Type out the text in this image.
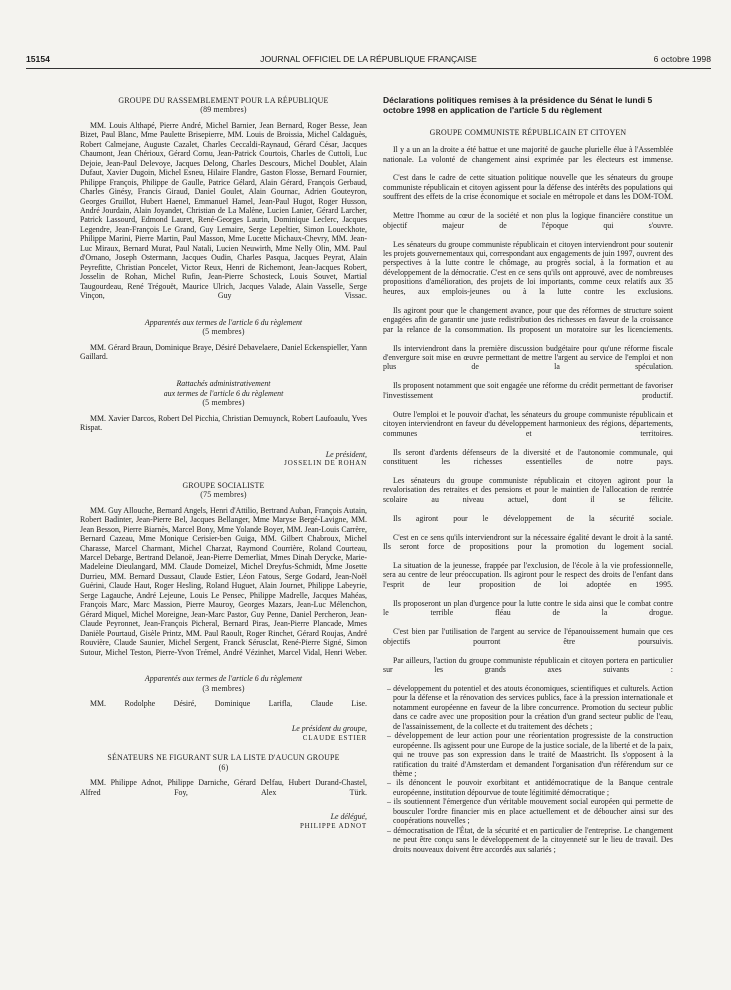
15154	JOURNAL OFFICIEL DE LA RÉPUBLIQUE FRANÇAISE	6 octobre 1998
GROUPE DU RASSEMBLEMENT POUR LA RÉPUBLIQUE
(89 membres)

MM. Louis Althapé, Pierre André, Michel Barnier, Jean Bernard, Roger Besse, Jean Bizet, Paul Blanc, Mme Paulette Brisepierre, MM. Louis de Broissia, Michel Caldaguès, Robert Calmejane, Auguste Cazalet, Charles Ceccaldi-Raynaud, Gérard César, Jacques Chaumont, Jean Chérioux, Gérard Cornu, Jean-Patrick Courtois, Charles de Cuttoli, Luc Dejoie, Jean-Paul Delevoye, Jacques Delong, Charles Descours, Michel Doublet, Alain Dufaut, Xavier Dugoin, Michel Esneu, Hilaire Flandre, Gaston Flosse, Bernard Fournier, Philippe François, Philippe de Gaulle, Patrice Gélard, Alain Gérard, François Gerbaud, Charles Ginésy, Francis Giraud, Daniel Goulet, Alain Gournac, Adrien Gouteyron, Georges Gruillot, Hubert Haenel, Emmanuel Hamel, Jean-Paul Hugot, Roger Husson, André Jourdain, Alain Joyandet, Christian de La Malène, Lucien Lanier, Gérard Larcher, Patrick Lassourd, Edmond Lauret, René-Georges Laurin, Dominique Leclerc, Jacques Legendre, Jean-François Le Grand, Guy Lemaire, Serge Lepeltier, Simon Loueckhote, Philippe Marini, Pierre Martin, Paul Masson, Mme Lucette Michaux-Chevry, MM. Jean-Luc Miraux, Bernard Murat, Paul Natali, Lucien Neuwirth, Mme Nelly Olin, MM. Paul d'Ornano, Joseph Ostermann, Jacques Oudin, Charles Pasqua, Jacques Peyrat, Alain Peyrefitte, Christian Poncelet, Victor Reux, Henri de Richemont, Jean-Jacques Robert, Josselin de Rohan, Michel Rufin, Jean-Pierre Schosteck, Louis Souvet, Martial Taugourdeau, René Trégouët, Maurice Ulrich, Jacques Valade, Alain Vasselle, Serge Vinçon, Guy Vissac.

Apparentés aux termes de l'article 6 du règlement
(5 membres)

MM. Gérard Braun, Dominique Braye, Désiré Debavelaere, Daniel Eckenspieller, Yann Gaillard.

Rattachés administrativement
aux termes de l'article 6 du règlement
(5 membres)

MM. Xavier Darcos, Robert Del Picchia, Christian Demuynck, Robert Laufoaulu, Yves Rispat.

Le président,

JOSSELIN DE ROHAN

GROUPE SOCIALISTE
(75 membres)

MM. Guy Allouche, Bernard Angels, Henri d'Attilio, Bertrand Auban, François Autain, Robert Badinter, Jean-Pierre Bel, Jacques Bellanger, Mme Maryse Bergé-Lavigne, MM. Jean Besson, Pierre Biarnès, Marcel Bony, Mme Yolande Boyer, MM. Jean-Louis Carrère, Bernard Cazeau, Mme Monique Cerisier-ben Guiga, MM. Gilbert Chabroux, Michel Charasse, Marcel Charmant, Michel Charzat, Raymond Courrière, Roland Courteau, Marcel Debarge, Bertrand Delanoë, Jean-Pierre Demerliat, Mmes Dinah Derycke, Marie-Madeleine Dieulangard, MM. Claude Domeizel, Michel Dreyfus-Schmidt, Mme Josette Durrieu, MM. Bernard Dussaut, Claude Estier, Léon Fatous, Serge Godard, Jean-Noël Guérini, Claude Haut, Roger Hesling, Roland Huguet, Alain Journet, Philippe Labeyrie, Serge Lagauche, André Lejeune, Louis Le Pensec, Philippe Madrelle, Jacques Mahéas, François Marc, Marc Massion, Pierre Mauroy, Georges Mazars, Jean-Luc Mélenchon, Gérard Miquel, Michel Moreigne, Jean-Marc Pastor, Guy Penne, Daniel Percheron, Jean-Claude Peyronnet, Jean-François Picheral, Bernard Piras, Jean-Pierre Plancade, Mmes Danièle Pourtaud, Gisèle Printz, MM. Paul Raoult, Roger Rinchet, Gérard Roujas, André Rouvière, Claude Saunier, Michel Sergent, Franck Sérusclat, René-Pierre Signé, Simon Sutour, Michel Teston, Pierre-Yvon Trémel, André Vézinhet, Marcel Vidal, Henri Weber.

Apparentés aux termes de l'article 6 du règlement
(3 membres)

MM. Rodolphe Désiré, Dominique Larifla, Claude Lise.

Le président du groupe,

CLAUDE ESTIER

SÉNATEURS NE FIGURANT SUR LA LISTE D'AUCUN GROUPE
(6)

MM. Philippe Adnot, Philippe Darniche, Gérard Delfau, Hubert Durand-Chastel, Alfred Foy, Alex Türk.

Le délégué,

PHILIPPE ADNOT

Déclarations politiques remises à la présidence du Sénat le lundi 5 octobre 1998 en application de l'article 5 du règlement

GROUPE COMMUNISTE RÉPUBLICAIN ET CITOYEN

Il y a un an la droite a été battue et une majorité de gauche plurielle élue à l'Assemblée nationale. La volonté de changement ainsi exprimée par les électeurs est immense.

C'est dans le cadre de cette situation politique nouvelle que les sénateurs du groupe communiste républicain et citoyen agissent pour la défense des intérêts des populations qui souffrent des effets de la crise économique et sociale en métropole et dans les DOM-TOM.

Mettre l'homme au cœur de la société et non plus la logique financière constitue un objectif majeur de l'époque qui s'ouvre.

Les sénateurs du groupe communiste républicain et citoyen interviendront pour soutenir les projets gouvernementaux qui, correspondant aux engagements de juin 1997, ouvrent des perspectives à la lutte contre le chômage, au progrès social, à la formation et au développement de la démocratie. C'est en ce sens qu'ils ont approuvé, avec de nombreuses propositions d'amélioration, des projets de loi importants, comme ceux relatifs aux 35 heures, aux emplois-jeunes ou à la lutte contre les exclusions.

Ils agiront pour que le changement avance, pour que des réformes de structure soient engagées afin de garantir une juste redistribution des richesses en faveur de la croissance par la relance de la consommation. Ils proposent un moratoire sur les licenciements.

Ils interviendront dans la première discussion budgétaire pour qu'une réforme fiscale d'envergure soit mise en œuvre permettant de mettre l'argent au service de l'emploi et non plus de la spéculation.

Ils proposent notamment que soit engagée une réforme du crédit permettant de favoriser l'investissement productif.

Outre l'emploi et le pouvoir d'achat, les sénateurs du groupe communiste républicain et citoyen interviendront en faveur du développement harmonieux des régions, départements, communes et territoires.

Ils seront d'ardents défenseurs de la diversité et de l'autonomie communale, qui constituent les richesses essentielles de notre pays.

Les sénateurs du groupe communiste républicain et citoyen agiront pour la revalorisation des retraites et des pensions et pour le maintien de l'allocation de rentrée scolaire au niveau actuel, dont il se félicite.

Ils agiront pour le développement de la sécurité sociale.

C'est en ce sens qu'ils interviendront sur la nécessaire égalité devant le droit à la santé. Ils seront force de propositions pour la promotion du logement social.

La situation de la jeunesse, frappée par l'exclusion, de l'école à la vie professionnelle, sera au centre de leur préoccupation. Ils agiront pour le respect des droits de l'enfant dans l'esprit de leur proposition de loi adoptée en 1995.

Ils proposeront un plan d'urgence pour la lutte contre le sida ainsi que le combat contre le terrible fléau de la drogue.

C'est bien par l'utilisation de l'argent au service de l'épanouissement humain que ces objectifs pourront être poursuivis.

Par ailleurs, l'action du groupe communiste républicain et citoyen portera en particulier sur les grands axes suivants :

– développement du potentiel et des atouts économiques, scientifiques et culturels. Action pour la défense et la rénovation des services publics, face à la pression internationale et notamment européenne en faveur de la libre concurrence. Promotion du secteur public dans ce cadre avec une proposition pour la création d'un grand secteur public de l'eau, de l'assainissement, de la collecte et du traitement des déchets ;

– développement de leur action pour une réorientation progressiste de la construction européenne. Ils agissent pour une Europe de la justice sociale, de la liberté et de la paix, qui ne trouve pas son expression dans le traité de Maastricht. Ils s'opposent à la ratification du traité d'Amsterdam et demandent l'organisation d'un référendum sur ce thème ;

– ils dénoncent le pouvoir exorbitant et antidémocratique de la Banque centrale européenne, institution dépourvue de toute légitimité démocratique ;

– ils soutiennent l'émergence d'un véritable mouvement social européen qui permette de bousculer l'ordre financier mis en place actuellement et de déboucher ainsi sur des coopérations nouvelles ;

– démocratisation de l'État, de la sécurité et en particulier de l'entreprise. Le changement ne peut être conçu sans le développement de la citoyenneté sur le lieu de travail. Des droits nouveaux doivent être accordés aux salariés ;
